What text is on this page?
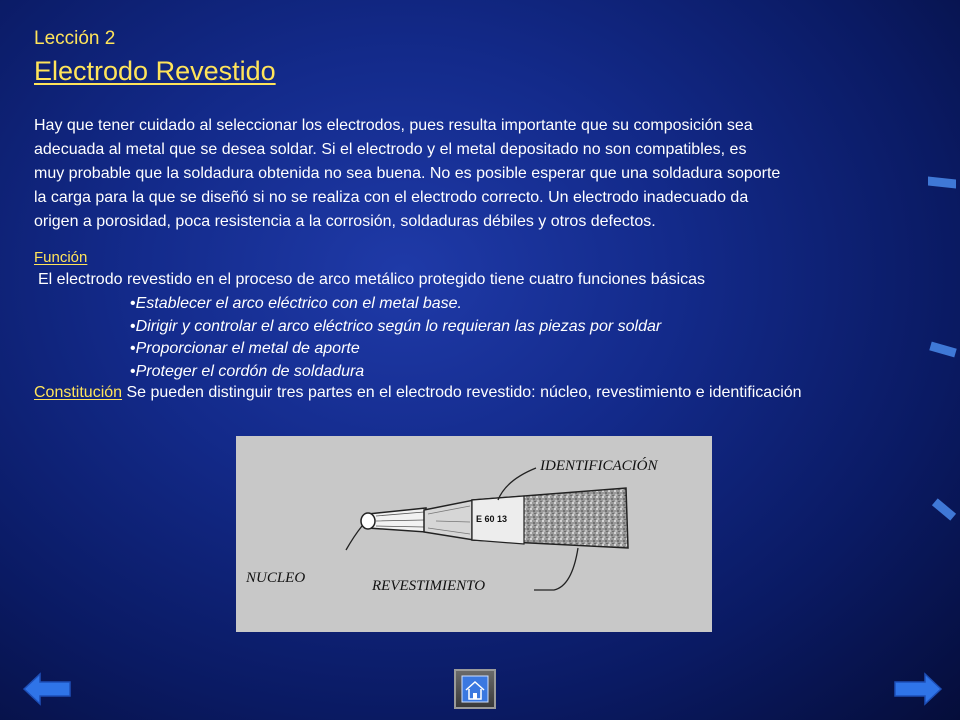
Lección 2
Electrodo Revestido
Hay que tener cuidado al seleccionar los electrodos, pues resulta importante que su composición sea
adecuada al metal que se desea soldar. Si el electrodo y el metal depositado no son compatibles, es
muy probable que la soldadura obtenida no sea buena. No es posible esperar que una soldadura soporte
la carga para la que se diseñó si no se realiza con el electrodo correcto. Un electrodo inadecuado da
origen a porosidad, poca resistencia a la corrosión, soldaduras débiles y otros defectos.
Función
El electrodo revestido en el proceso de arco metálico protegido tiene cuatro funciones básicas
•Establecer el arco eléctrico con el metal base.
•Dirigir y controlar el arco eléctrico según lo requieran las piezas por soldar
•Proporcionar el metal de aporte
•Proteger el cordón de soldadura
Constitución Se pueden distinguir tres partes en el electrodo revestido: núcleo, revestimiento e identificación
E 60 13
IDENTIFICACIÓN
NUCLEO	REVESTIMIENTO
